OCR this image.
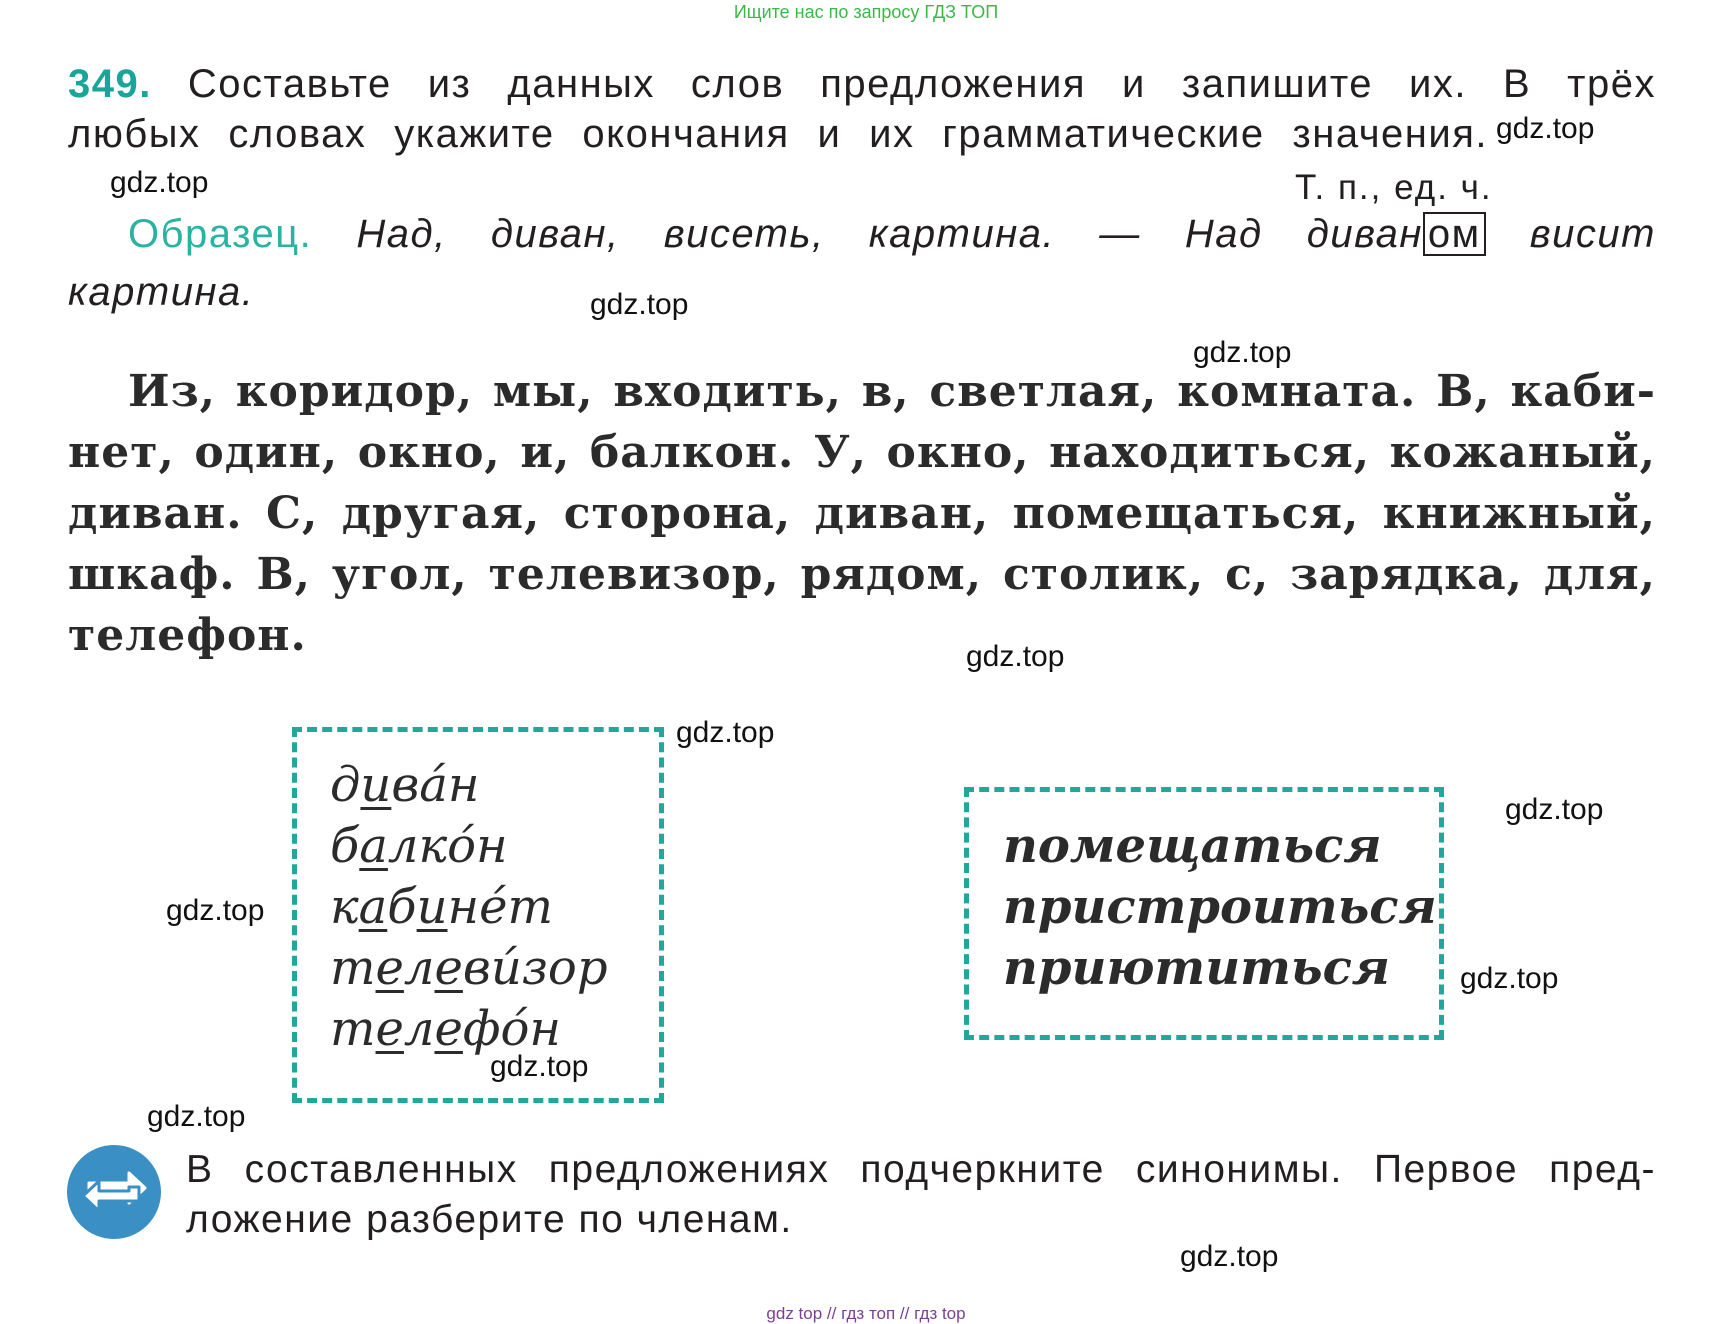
Ищите нас по запросу ГДЗ ТОП
349. Составьте из данных слов предложения и запишите их. В трёх
любых словах укажите окончания и их грамматические значения.
Т. п., ед. ч.
Образец. Над, диван, висеть, картина. — Над диван ом висит
картина.
Из, коридор, мы, входить, в, светлая, комната. В, каби-
нет, один, окно, и, балкон. У, окно, находиться, кожаный,
диван. С, другая, сторона, диван, помещаться, книжный,
шкаф. В, угол, телевизор, рядом, столик, с, зарядка, для,
телефон.
дива́н
балко́н
кабине́т
телеви́зор
телефо́н
помещаться
пристроиться
приютиться
В составленных предложениях подчеркните синонимы. Первое пред-
ложение разберите по членам.
gdz.top
gdz.top
gdz.top
gdz.top
gdz.top
gdz.top
gdz.top
gdz.top
gdz.top
gdz.top
gdz.top
gdz.top
gdz top // гдз топ // гдз top
